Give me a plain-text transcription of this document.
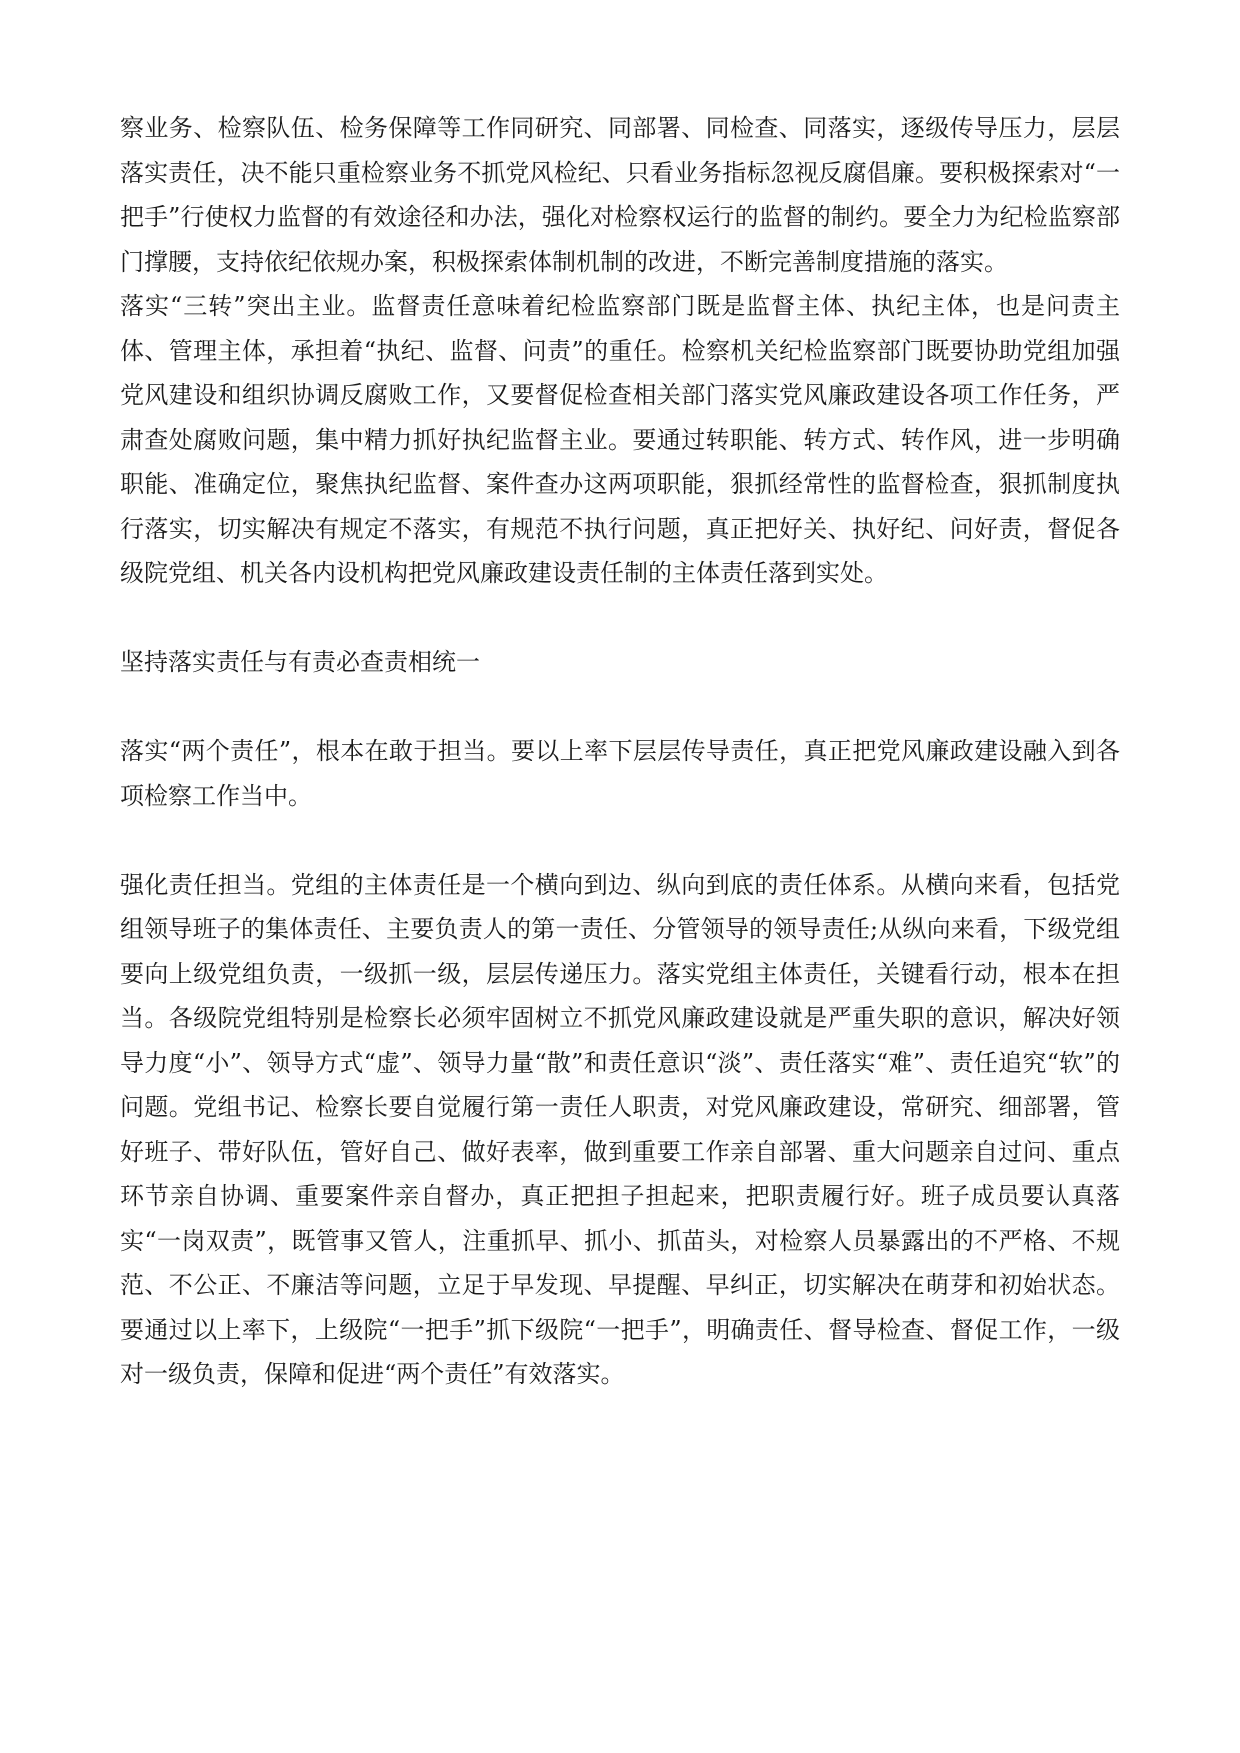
察业务、检察队伍、检务保障等工作同研究、同部署、同检查、同落实，逐级传导压力，层层落实责任，决不能只重检察业务不抓党风检纪、只看业务指标忽视反腐倡廉。要积极探索对“一把手”行使权力监督的有效途径和办法，强化对检察权运行的监督的制约。要全力为纪检监察部门撑腰，支持依纪依规办案，积极探索体制机制的改进，不断完善制度措施的落实。

落实“三转”突出主业。监督责任意味着纪检监察部门既是监督主体、执纪主体，也是问责主体、管理主体，承担着“执纪、监督、问责”的重任。检察机关纪检监察部门既要协助党组加强党风建设和组织协调反腐败工作，又要督促检查相关部门落实党风廉政建设各项工作任务，严肃查处腐败问题，集中精力抓好执纪监督主业。要通过转职能、转方式、转作风，进一步明确职能、准确定位，聚焦执纪监督、案件查办这两项职能，狠抓经常性的监督检查，狠抓制度执行落实，切实解决有规定不落实，有规范不执行问题，真正把好关、执好纪、问好责，督促各级院党组、机关各内设机构把党风廉政建设责任制的主体责任落到实处。

坚持落实责任与有责必查责相统一

落实“两个责任”，根本在敢于担当。要以上率下层层传导责任，真正把党风廉政建设融入到各项检察工作当中。

强化责任担当。党组的主体责任是一个横向到边、纵向到底的责任体系。从横向来看，包括党组领导班子的集体责任、主要负责人的第一责任、分管领导的领导责任;从纵向来看，下级党组要向上级党组负责，一级抓一级，层层传递压力。落实党组主体责任，关键看行动，根本在担当。各级院党组特别是检察长必须牢固树立不抓党风廉政建设就是严重失职的意识，解决好领导力度“小”、领导方式“虚”、领导力量“散”和责任意识“淡”、责任落实“难”、责任追究“软”的问题。党组书记、检察长要自觉履行第一责任人职责，对党风廉政建设，常研究、细部署，管好班子、带好队伍，管好自己、做好表率，做到重要工作亲自部署、重大问题亲自过问、重点环节亲自协调、重要案件亲自督办，真正把担子担起来，把职责履行好。班子成员要认真落实“一岗双责”，既管事又管人，注重抓早、抓小、抓苗头，对检察人员暴露出的不严格、不规范、不公正、不廉洁等问题，立足于早发现、早提醒、早纠正，切实解决在萌芽和初始状态。要通过以上率下，上级院“一把手”抓下级院“一把手”，明确责任、督导检查、督促工作，一级对一级负责，保障和促进“两个责任”有效落实。
